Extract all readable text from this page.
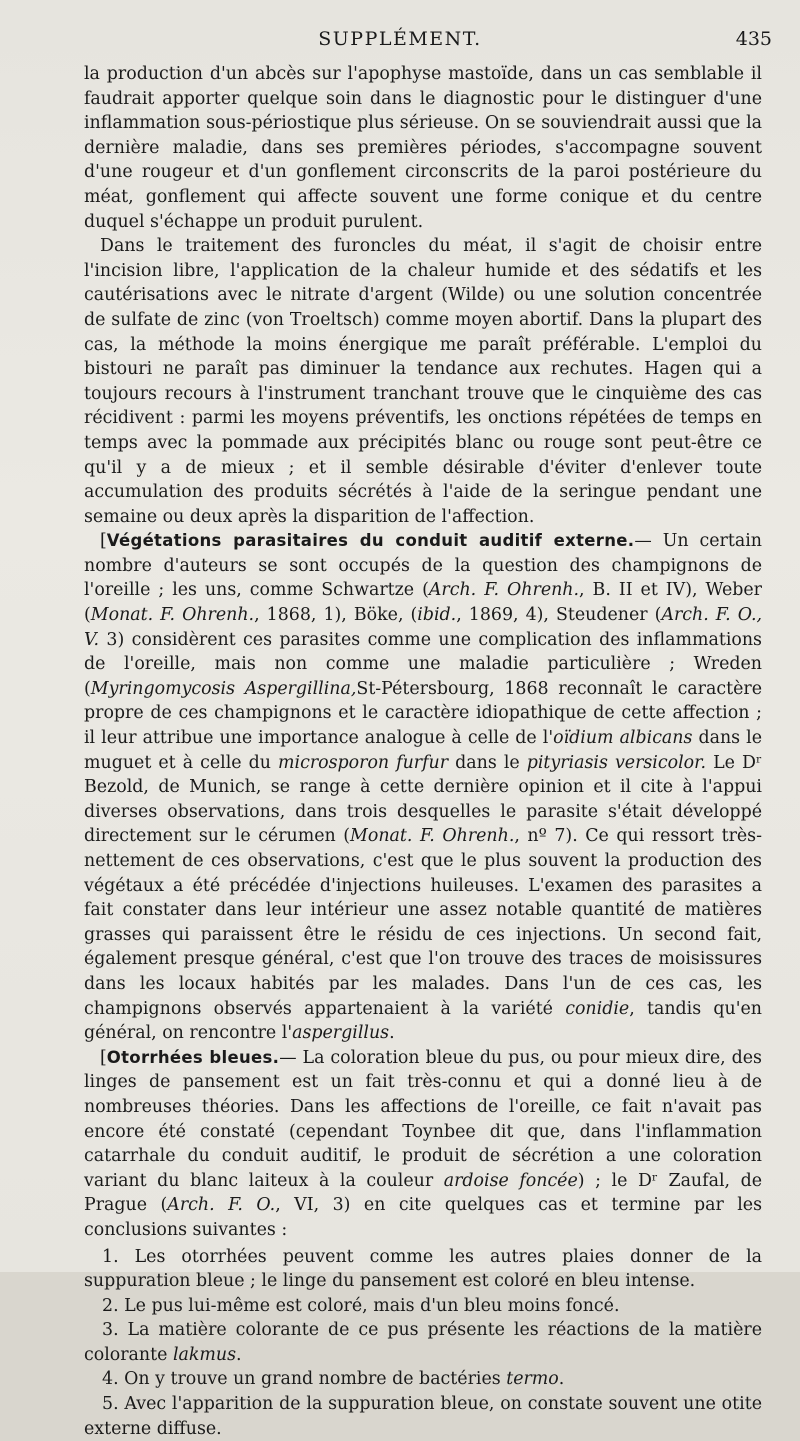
SUPPLÉMENT.	435

la production d'un abcès sur l'apophyse mastoïde, dans un cas semblable il faudrait apporter quelque soin dans le diagnostic pour le distinguer d'une inflammation sous-périostique plus sérieuse. On se souviendrait aussi que la dernière maladie, dans ses premières périodes, s'accompagne souvent d'une rougeur et d'un gonflement circonscrits de la paroi postérieure du méat, gonflement qui affecte souvent une forme conique et du centre duquel s'échappe un produit purulent.

Dans le traitement des furoncles du méat, il s'agit de choisir entre l'incision libre, l'application de la chaleur humide et des sédatifs et les cautérisations avec le nitrate d'argent (Wilde) ou une solution concentrée de sulfate de zinc (von Troeltsch) comme moyen abortif. Dans la plupart des cas, la méthode la moins énergique me paraît préférable. L'emploi du bistouri ne paraît pas diminuer la tendance aux rechutes. Hagen qui a toujours recours à l'instrument tranchant trouve que le cinquième des cas récidivent : parmi les moyens préventifs, les onctions répétées de temps en temps avec la pommade aux précipités blanc ou rouge sont peut-être ce qu'il y a de mieux ; et il semble désirable d'éviter d'enlever toute accumulation des produits sécrétés à l'aide de la seringue pendant une semaine ou deux après la disparition de l'affection.

[Végétations parasitaires du conduit auditif externe.— Un certain nombre d'auteurs se sont occupés de la question des champignons de l'oreille ; les uns, comme Schwartze (Arch. F. Ohrenh., B. II et IV), Weber (Monat. F. Ohrenh., 1868, 1), Böke, (ibid., 1869, 4), Steudener (Arch. F. O., V. 3) considèrent ces parasites comme une complication des inflammations de l'oreille, mais non comme une maladie particulière ; Wreden (Myringomycosis Aspergillina,St-Pétersbourg, 1868 reconnaît le caractère propre de ces champignons et le caractère idiopathique de cette affection ; il leur attribue une importance analogue à celle de l'oïdium albicans dans le muguet et à celle du microsporon furfur dans le pityriasis versicolor. Le Dʳ Bezold, de Munich, se range à cette dernière opinion et il cite à l'appui diverses observations, dans trois desquelles le parasite s'était développé directement sur le cérumen (Monat. F. Ohrenh., nº 7). Ce qui ressort très-nettement de ces observations, c'est que le plus souvent la production des végétaux a été précédée d'injections huileuses. L'examen des parasites a fait constater dans leur intérieur une assez notable quantité de matières grasses qui paraissent être le résidu de ces injections. Un second fait, également presque général, c'est que l'on trouve des traces de moisissures dans les locaux habités par les malades. Dans l'un de ces cas, les champignons observés appartenaient à la variété conidie, tandis qu'en général, on rencontre l'aspergillus.

[Otorrhées bleues.— La coloration bleue du pus, ou pour mieux dire, des linges de pansement est un fait très-connu et qui a donné lieu à de nombreuses théories. Dans les affections de l'oreille, ce fait n'avait pas encore été constaté (cependant Toynbee dit que, dans l'inflammation catarrhale du conduit auditif, le produit de sécrétion a une coloration variant du blanc laiteux à la couleur ardoise foncée) ; le Dʳ Zaufal, de Prague (Arch. F. O., VI, 3) en cite quelques cas et termine par les conclusions suivantes :

1. Les otorrhées peuvent comme les autres plaies donner de la suppuration bleue ; le linge du pansement est coloré en bleu intense.

2. Le pus lui-même est coloré, mais d'un bleu moins foncé.

3. La matière colorante de ce pus présente les réactions de la matière colorante lakmus.

4. On y trouve un grand nombre de bactéries termo.

5. Avec l'apparition de la suppuration bleue, on constate souvent une otite externe diffuse.
